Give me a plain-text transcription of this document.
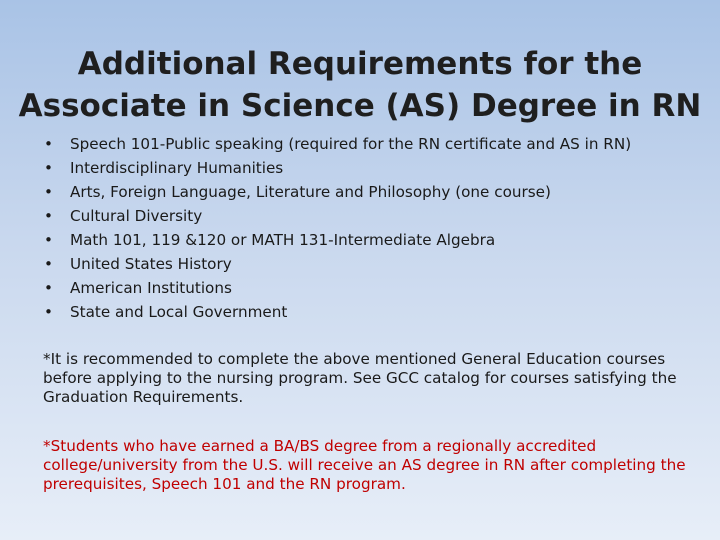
Additional Requirements for the
Associate in Science (AS) Degree in RN
• Speech 101-Public speaking (required for the RN certificate and AS in RN)
• Interdisciplinary Humanities
• Arts, Foreign Language, Literature and Philosophy (one course)
• Cultural Diversity
• Math 101, 119 &120 or MATH 131-Intermediate Algebra
• United States History
• American Institutions
• State and Local Government

*It is recommended to complete the above mentioned General Education courses before applying to the nursing program. See GCC catalog for courses satisfying the Graduation Requirements.

*Students who have earned a BA/BS degree from a regionally accredited college/university from the U.S. will receive an AS degree in RN after completing the prerequisites, Speech 101 and the RN program.
